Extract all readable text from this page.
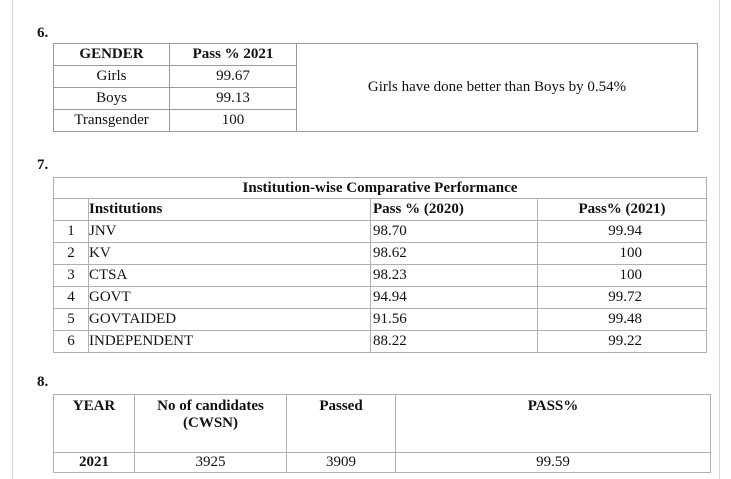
6.
GENDER	Pass % 2021	Girls have done better than Boys by 0.54%
Girls	99.67	
Boys	99.13	
Transgender	100	
7.
Institution-wise Comparative Performance			
	Institutions	Pass % (2020)	Pass% (2021)
1	JNV	98.70	99.94
2	KV	98.62	100
3	CTSA	98.23	100
4	GOVT	94.94	99.72
5	GOVTAIDED	91.56	99.48
6	INDEPENDENT	88.22	99.22
8.
YEAR	No of candidates (CWSN)	Passed	PASS%
2021	3925	3909	99.59
